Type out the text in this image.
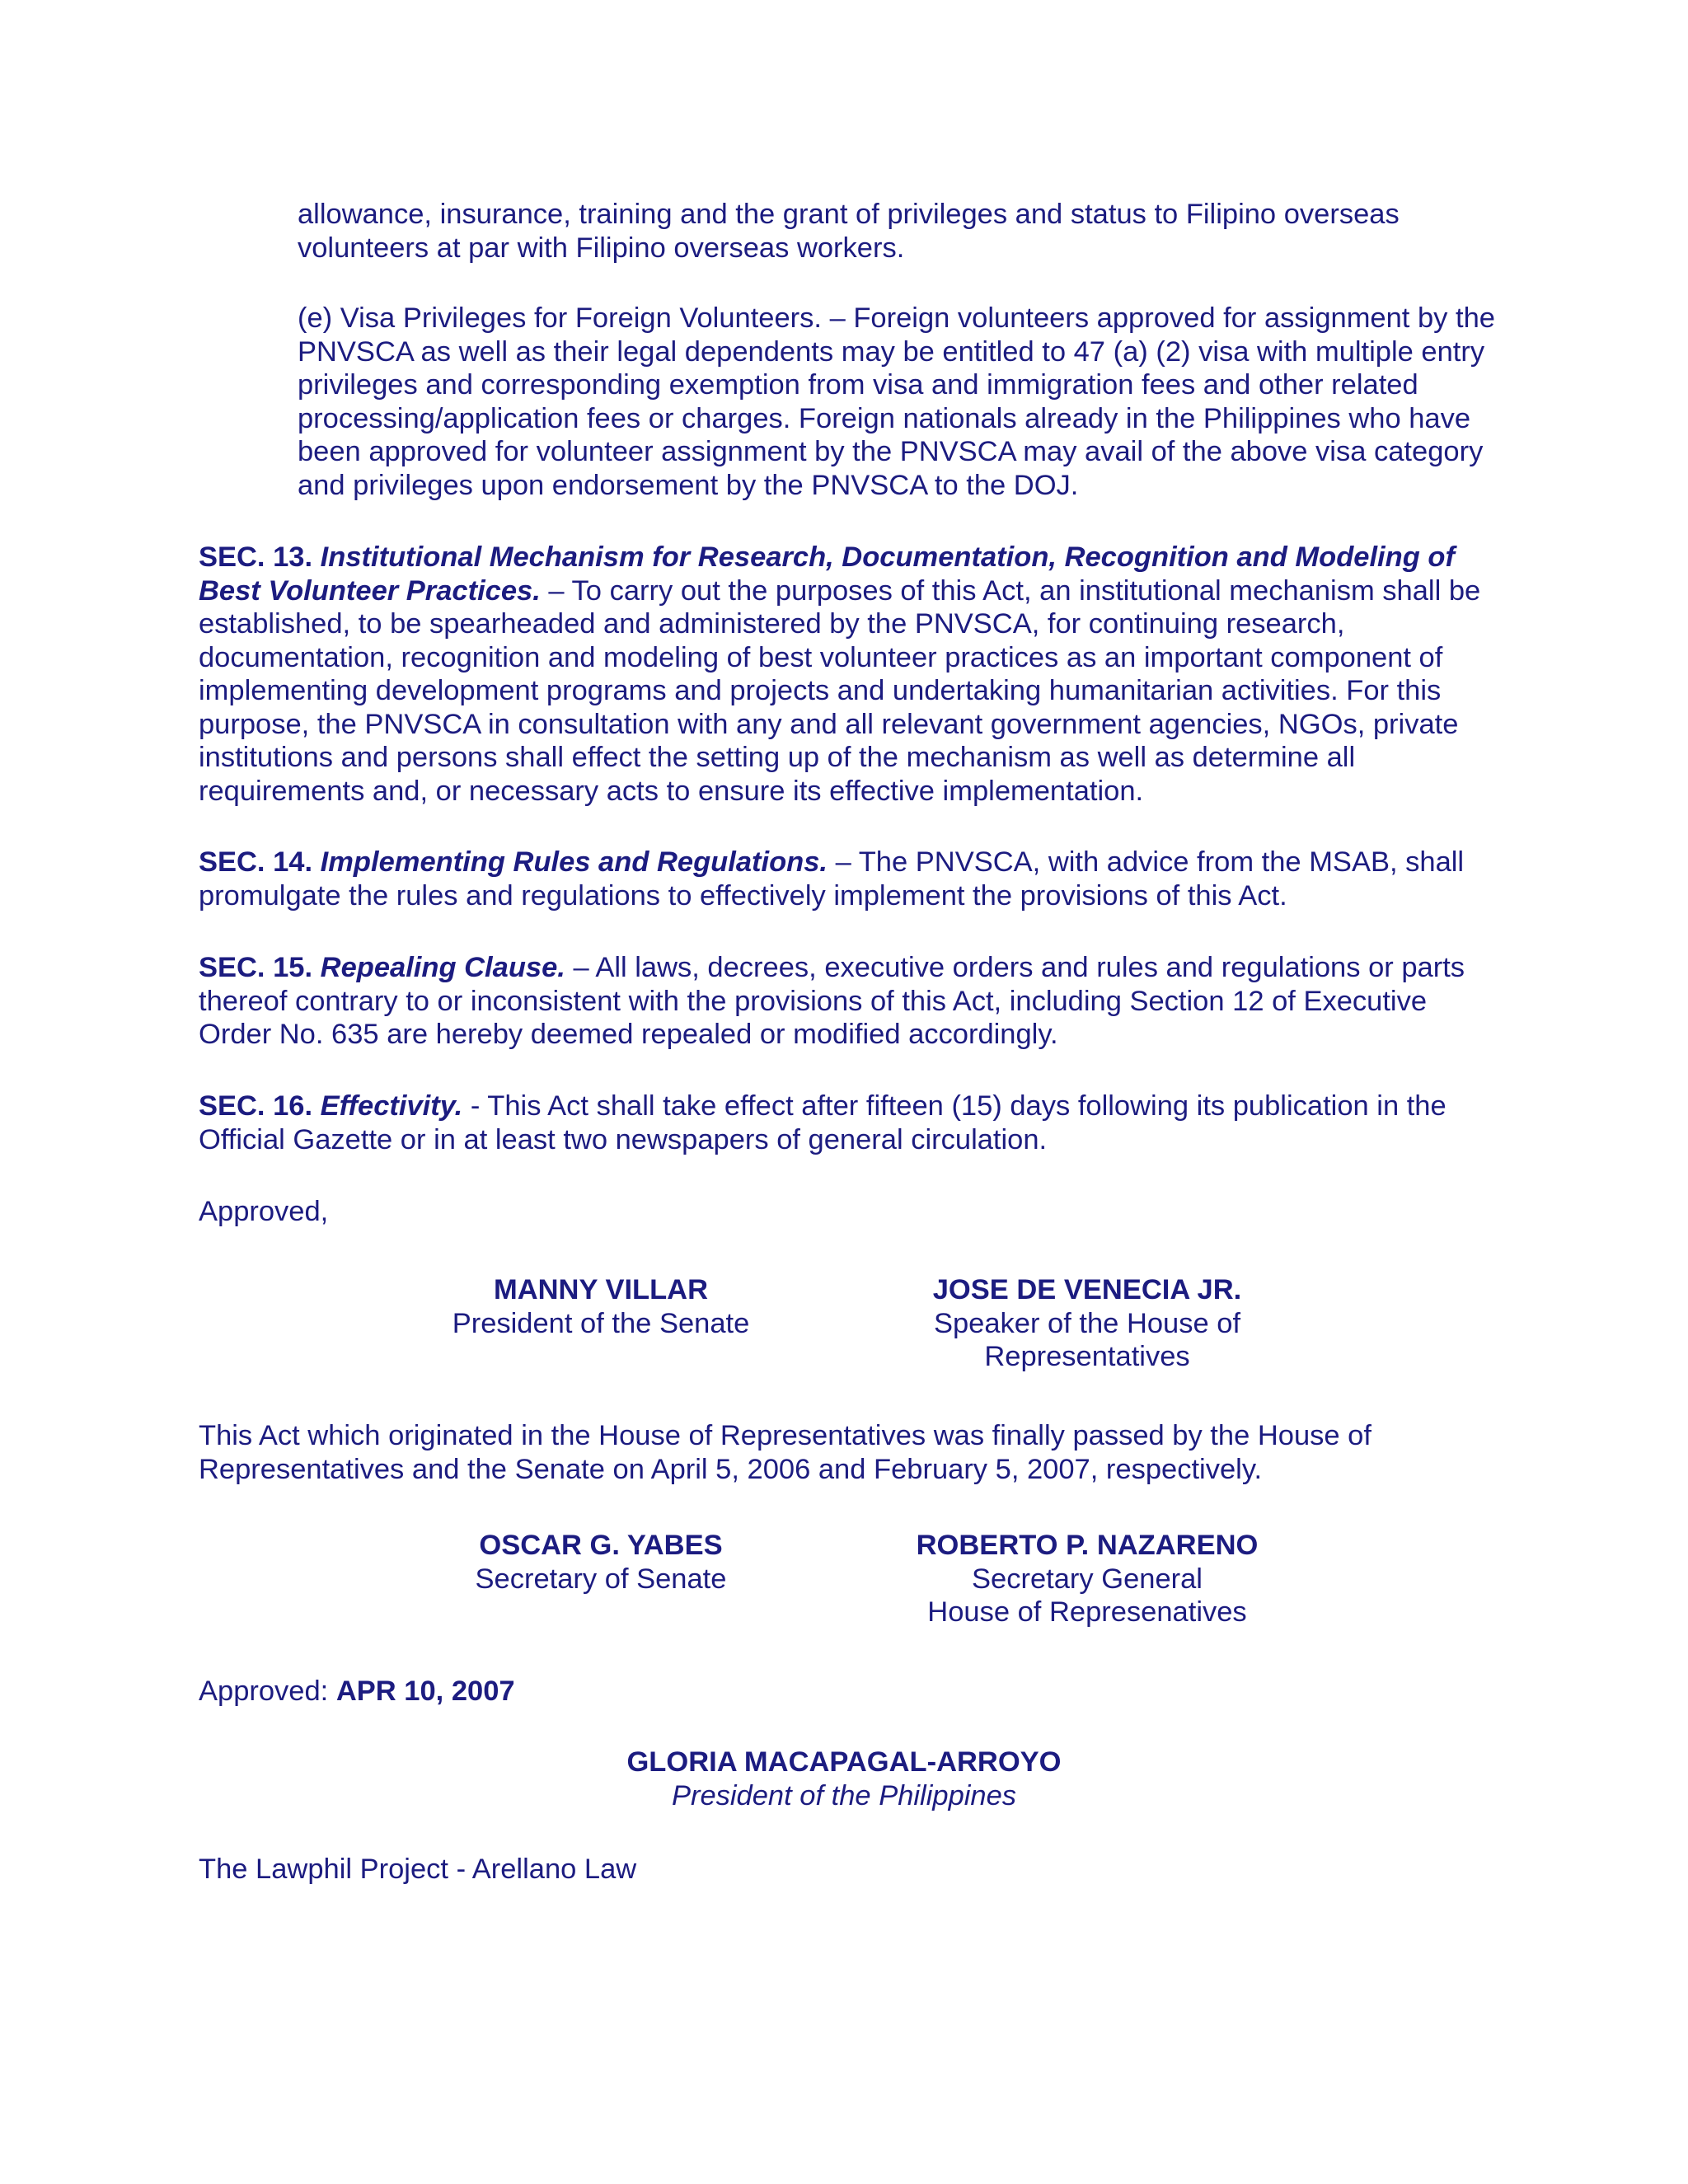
allowance, insurance, training and the grant of privileges and status to Filipino overseas volunteers at par with Filipino overseas workers.

(e) Visa Privileges for Foreign Volunteers. – Foreign volunteers approved for assignment by the PNVSCA as well as their legal dependents may be entitled to 47 (a) (2) visa with multiple entry privileges and corresponding exemption from visa and immigration fees and other related processing/application fees or charges. Foreign nationals already in the Philippines who have been approved for volunteer assignment by the PNVSCA may avail of the above visa category and privileges upon endorsement by the PNVSCA to the DOJ.

SEC. 13. Institutional Mechanism for Research, Documentation, Recognition and Modeling of Best Volunteer Practices. – To carry out the purposes of this Act, an institutional mechanism shall be established, to be spearheaded and administered by the PNVSCA, for continuing research, documentation, recognition and modeling of best volunteer practices as an important component of implementing development programs and projects and undertaking humanitarian activities. For this purpose, the PNVSCA in consultation with any and all relevant government agencies, NGOs, private institutions and persons shall effect the setting up of the mechanism as well as determine all requirements and, or necessary acts to ensure its effective implementation.

SEC. 14. Implementing Rules and Regulations. – The PNVSCA, with advice from the MSAB, shall promulgate the rules and regulations to effectively implement the provisions of this Act.

SEC. 15. Repealing Clause. – All laws, decrees, executive orders and rules and regulations or parts thereof contrary to or inconsistent with the provisions of this Act, including Section 12 of Executive Order No. 635 are hereby deemed repealed or modified accordingly.

SEC. 16. Effectivity. - This Act shall take effect after fifteen (15) days following its publication in the Official Gazette or in at least two newspapers of general circulation.

Approved,

MANNY VILLAR
President of the Senate
JOSE DE VENECIA JR.
Speaker of the House of
Representatives

This Act which originated in the House of Representatives was finally passed by the House of Representatives and the Senate on April 5, 2006 and February 5, 2007, respectively.

OSCAR G. YABES
Secretary of Senate
ROBERTO P. NAZARENO
Secretary General
House of Represenatives

Approved: APR 10, 2007

GLORIA MACAPAGAL-ARROYO
President of the Philippines

The Lawphil Project - Arellano Law
